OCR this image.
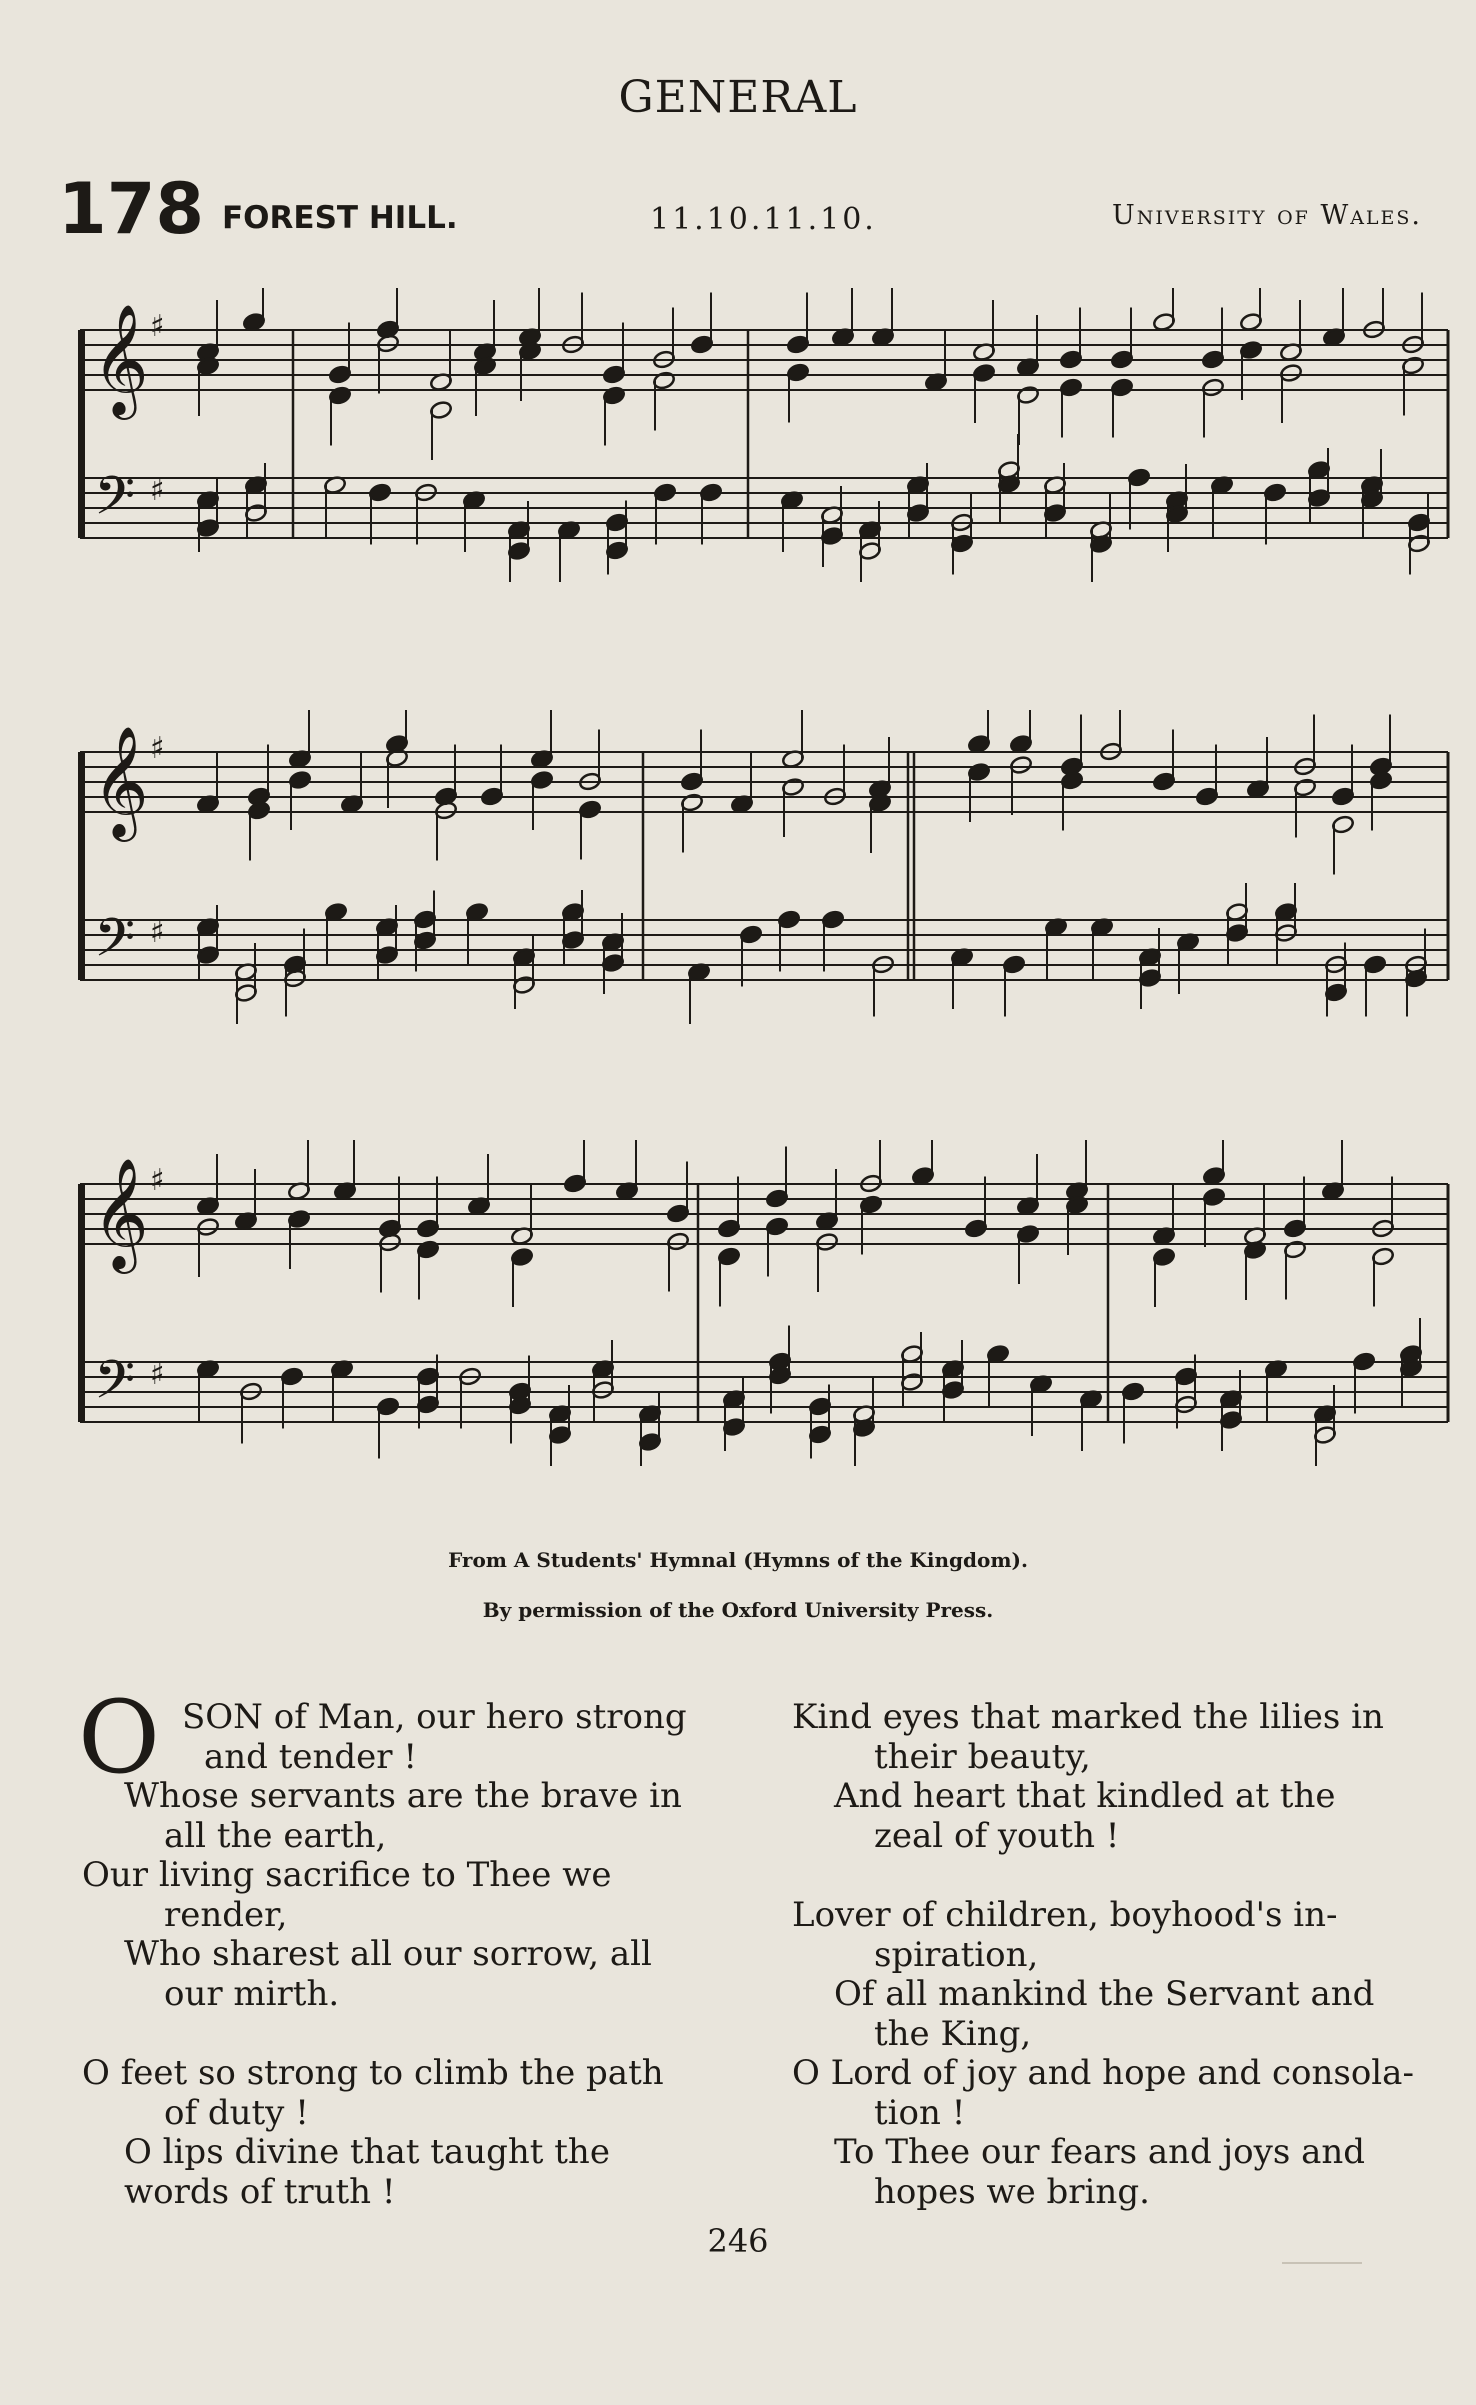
GENERAL
178 FOREST HILL.	11.10.11.10.	University of Wales.
𝄞
𝄢
♯
♯
𝄞
𝄢
♯
♯
𝄞
𝄢
♯
♯
From A Students' Hymnal (Hymns of the Kingdom).
By permission of the Oxford University Press.
O SON of Man, our hero strong
and tender !
Whose servants are the brave in
all the earth,
Our living sacrifice to Thee we
render,
Who sharest all our sorrow, all
our mirth.
O feet so strong to climb the path
of duty !
O lips divine that taught the
words of truth !
Kind eyes that marked the lilies in
their beauty,
And heart that kindled at the
zeal of youth !
Lover of children, boyhood's in-
spiration,
Of all mankind the Servant and
the King,
O Lord of joy and hope and consola-
tion !
To Thee our fears and joys and
hopes we bring.
246
